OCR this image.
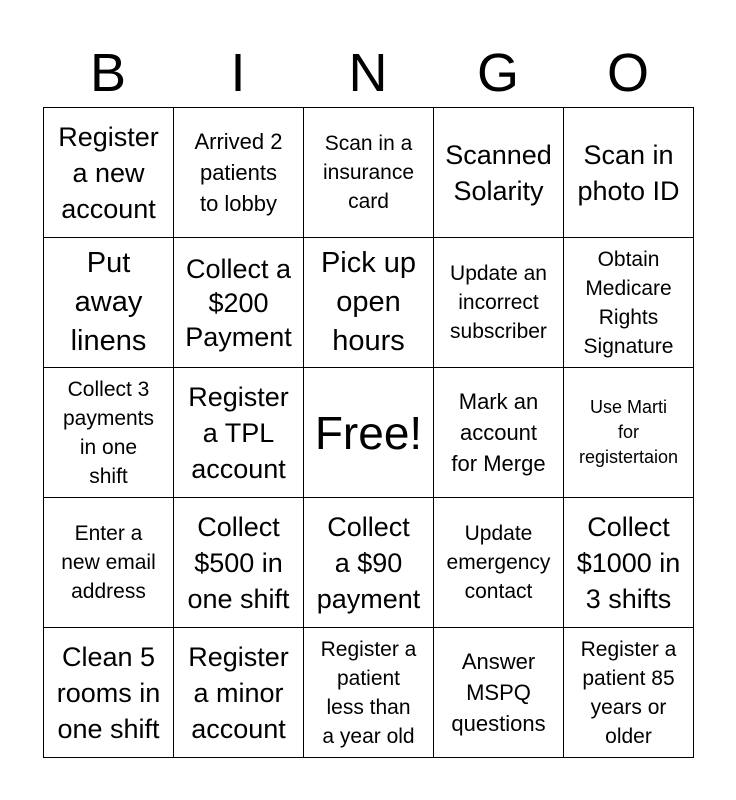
B	I	N	G	O
Register
a new
account
Arrived 2
patients
to lobby
Scan in a
insurance
card
Scanned
Solarity
Scan in
photo ID
Put
away
linens
Collect a
$200
Payment
Pick up
open
hours
Update an
incorrect
subscriber
Obtain
Medicare
Rights
Signature
Collect 3
payments
in one
shift
Register
a TPL
account
Free!
Mark an
account
for Merge
Use Marti
for
registertaion
Enter a
new email
address
Collect
$500 in
one shift
Collect
a $90
payment
Update
emergency
contact
Collect
$1000 in
3 shifts
Clean 5
rooms in
one shift
Register
a minor
account
Register a
patient
less than
a year old
Answer
MSPQ
questions
Register a
patient 85
years or
older
